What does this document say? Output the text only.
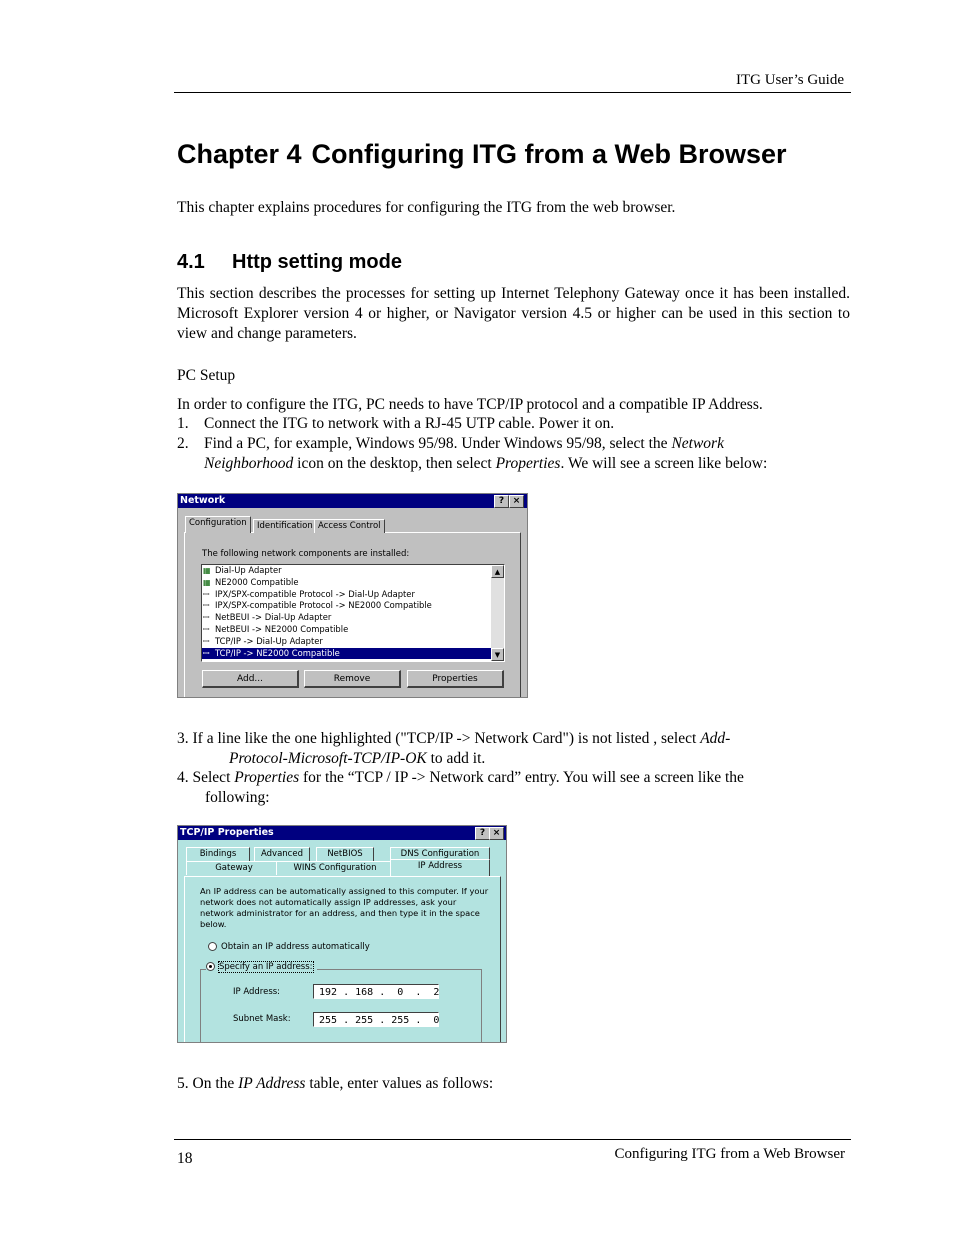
ITG User’s Guide
Chapter 4 Configuring ITG from a Web Browser
This chapter explains procedures for configuring the ITG from the web browser.
4.1 Http setting mode
This section describes the processes for setting up Internet Telephony Gateway once it has been installed. Microsoft Explorer version 4 or higher, or Navigator version 4.5 or higher can be used in this section to view and change parameters.
PC Setup
In order to configure the ITG, PC needs to have TCP/IP protocol and a compatible IP Address.
1. Connect the ITG to network with a RJ-45 UTP cable. Power it on.
2. Find a PC, for example, Windows 95/98. Under Windows 95/98, select the Network Neighborhood icon on the desktop, then select Properties. We will see a screen like below:
Network	? ×
Configuration	Identification Access Control
The following network components are installed:
▦ Dial-Up Adapter
▦ NE2000 Compatible
ꟷ IPX/SPX-compatible Protocol -> Dial-Up Adapter
ꟷ IPX/SPX-compatible Protocol -> NE2000 Compatible
ꟷ NetBEUI -> Dial-Up Adapter
ꟷ NetBEUI -> NE2000 Compatible
ꟷ TCP/IP -> Dial-Up Adapter
ꟷ TCP/IP -> NE2000 Compatible
▲
▼
Add...	Remove	Properties
3. If a line like the one highlighted ("TCP/IP -> Network Card") is not listed , select Add-
Protocol-Microsoft-TCP/IP-OK to add it.
4. Select Properties for the “TCP / IP -> Network card” entry. You will see a screen like the
following:
TCP/IP Properties	? ×
Bindings	Advanced	NetBIOS	DNS Configuration
Gateway	WINS Configuration	IP Address
An IP address can be automatically assigned to this computer. If your network does not automatically assign IP addresses, ask your network administrator for an address, and then type it in the space below.
Obtain an IP address automatically
Specify an IP address:
IP Address:	192 . 168 .  0  .  2
Subnet Mask:	255 . 255 . 255 .  0
5. On the IP Address table, enter values as follows:
18	Configuring ITG from a Web Browser
